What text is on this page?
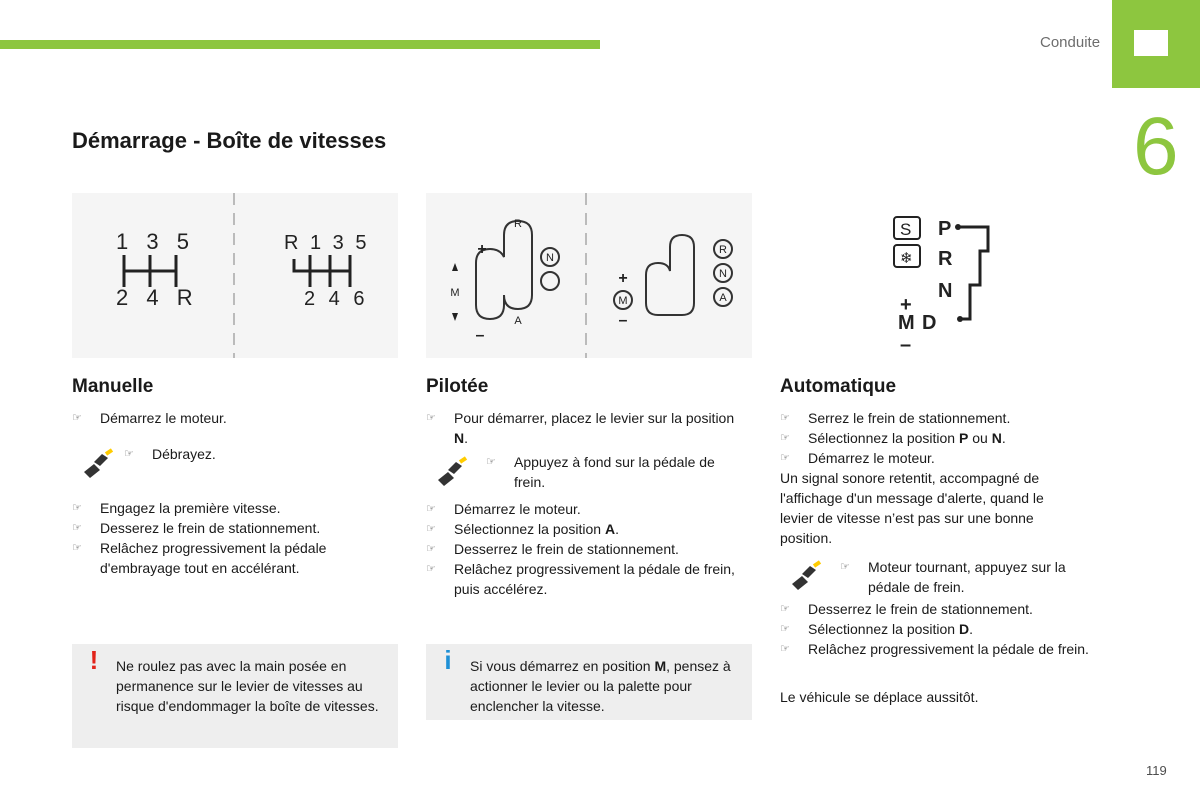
Conduite
6
Démarrage - Boîte de vitesses
1 3 5
2 4 R
R 1 3 5
2 4 6
R
A
M
N
R
N
A
M
+
–
+
–
S
❄
P
R
N
+
M D
–
Manuelle
☞ Démarrez le moteur.
☞ Débrayez.
☞ Engagez la première vitesse.
☞ Desserez le frein de stationnement.
☞ Relâchez progressivement la pédale d'embrayage tout en accélérant.
!	Ne roulez pas avec la main posée en permanence sur le levier de vitesses au risque d'endommager la boîte de vitesses.
Pilotée
☞ Pour démarrer, placez le levier sur la position N.
☞ Appuyez à fond sur la pédale de frein.
☞ Démarrez le moteur.
☞ Sélectionnez la position A.
☞ Desserrez le frein de stationnement.
☞ Relâchez progressivement la pédale de frein, puis accélérez.
i	Si vous démarrez en position M, pensez à actionner le levier ou la palette pour enclencher la vitesse.
Automatique
☞ Serrez le frein de stationnement.
☞ Sélectionnez la position P ou N.
☞ Démarrez le moteur.

Un signal sonore retentit, accompagné de l'affichage d'un message d'alerte, quand le levier de vitesse n’est pas sur une bonne position.

☞ Moteur tournant, appuyez sur la pédale de frein.
☞ Desserrez le frein de stationnement.
☞ Sélectionnez la position D.
☞ Relâchez progressivement la pédale de frein.

Le véhicule se déplace aussitôt.

119
